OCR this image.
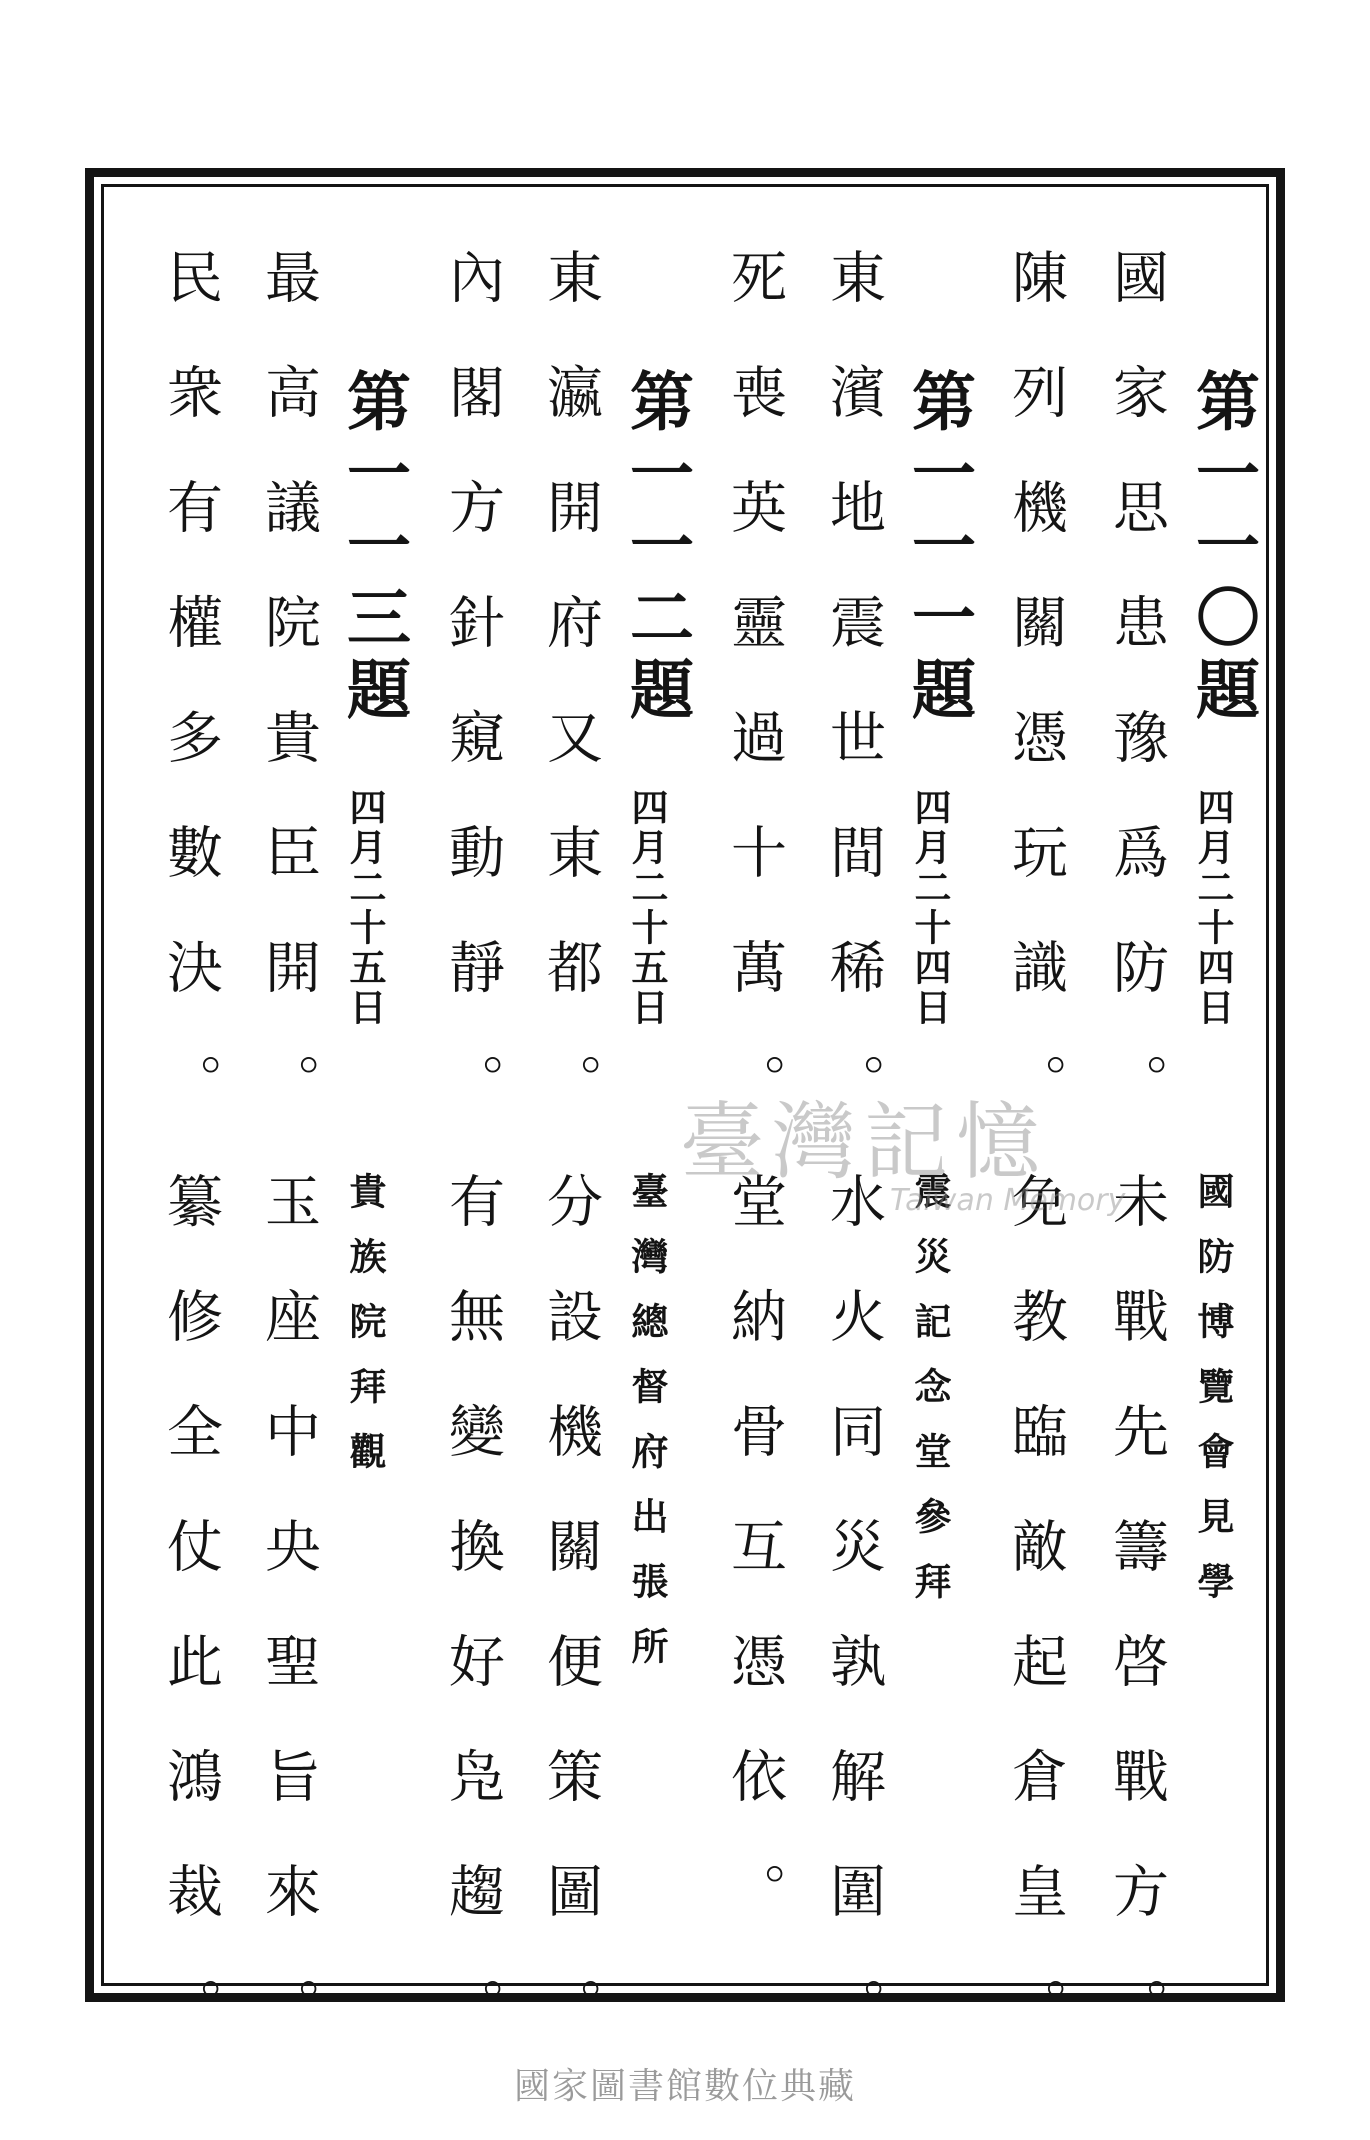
第一一〇題
四月二十四日
國防博覽會見學
國家思患豫爲防。
未戰先籌啓戰方。
陳列機關憑玩識。
免教臨敵起倉皇。
第一一一題
四月二十四日
震災記念堂參拜
東濱地震世間稀。
水火同災孰解圍。
死喪英靈過十萬。
堂納骨互憑依。
第一一二題
四月二十五日
臺灣總督府出張所
東瀛開府又東都。
分設機關便策圖。
內閣方針窺動靜。
有無變換好凫趨。
第一一三題
四月二十五日
貴族院拜觀
最高議院貴臣開。
玉座中央聖旨來。
民衆有權多數決。
纂修全仗此鴻裁。
臺灣記憶
Taiwan Memory
國家圖書館數位典藏
